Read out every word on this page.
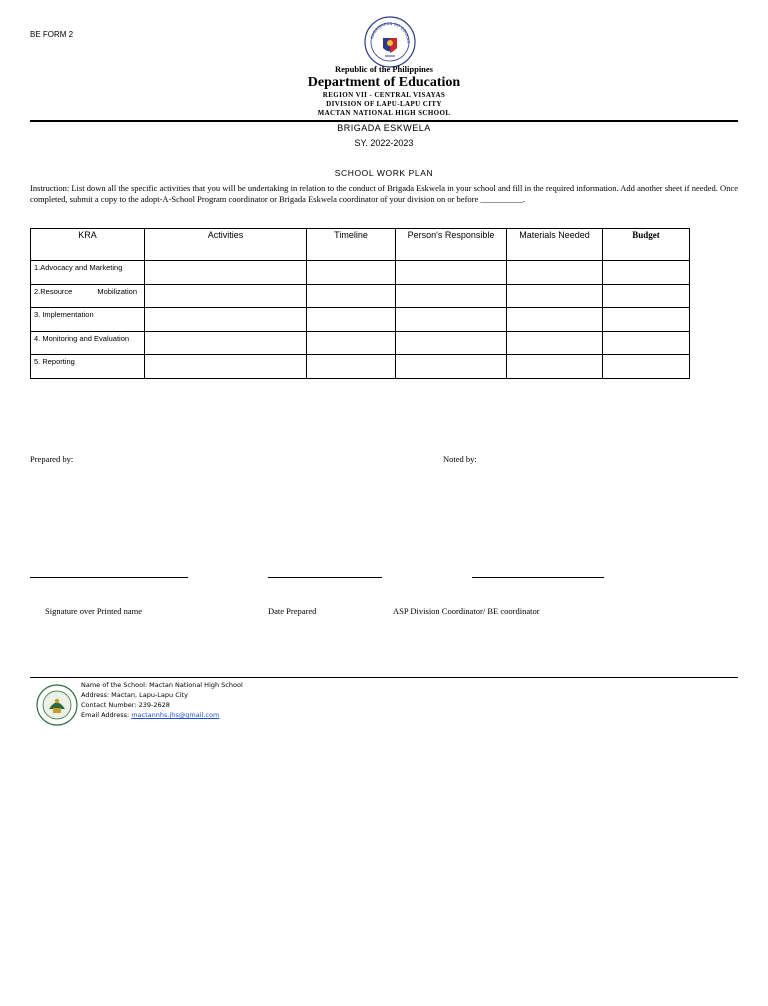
BE FORM 2	KAGAWARAN NG EDUKAS
Republic of the Philippines
Department of Education
REGION VII - CENTRAL VISAYAS
DIVISION OF LAPU-LAPU CITY
MACTAN NATIONAL HIGH SCHOOL
BRIGADA ESKWELA
SY. 2022-2023
SCHOOL WORK PLAN
Instruction: List down all the specific activities that you will be undertaking in relation to the conduct of Brigada Eskwela in your school and fill in the required information. Add another sheet if needed. Once completed, submit a copy to the adopt-A-School Program coordinator or Brigada Eskwela coordinator of your division on or before __________.
KRA	Activities	Timeline	Person's Responsible	Materials Needed	Budget
1.Advocacy and Marketing					

2.Resource Mobilization					

3. Implementation					
4. Monitoring and Evaluation					
5. Reporting					
Prepared by:	Noted by:
Signature over Printed name	Date Prepared	ASP Division Coordinator/ BE coordinator
Name of the School: Mactan National High School
Address: Mactan, Lapu-Lapu City
Contact Number: 239-2628
Email Address: mactannhs.jhs@gmail.com
